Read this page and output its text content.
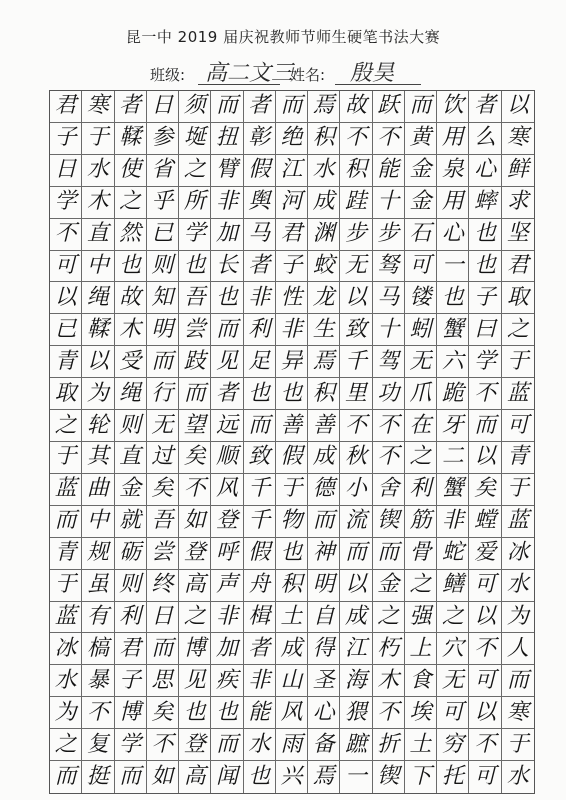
昆一中 2019 届庆祝教师节师生硬笔书法大赛
班级: 高二文三
姓名: 殷昊
君 寒 者 日 须 而 者 而 焉 故 跃 而 饮 者 以
子 于 鞣 参 埏 扭 彰 绝 积 不 不 黄 用 么 寒
日 水 使 省 之 臂 假 江 水 积 能 金 泉 心 鲜
学 木 之 乎 所 非 舆 河 成 跬 十 金 用 蟀 求
不 直 然 已 学 加 马 君 渊 步 步 石 心 也 坚
可 中 也 则 也 长 者 子 蛟 无 驽 可 一 也 君
以 绳 故 知 吾 也 非 性 龙 以 马 镂 也 子 取
已 鞣 木 明 尝 而 利 非 生 致 十 蚓 蟹 曰 之
青 以 受 而 跂 见 足 异 焉 千 驾 无 六 学 于
取 为 绳 行 而 者 也 也 积 里 功 爪 跪 不 蓝
之 轮 则 无 望 远 而 善 善 不 不 在 牙 而 可
于 其 直 过 矣 顺 致 假 成 秋 不 之 二 以 青
蓝 曲 金 矣 不 风 千 于 德 小 舍 利 蟹 矣 于
而 中 就 吾 如 登 千 物 而 流 锲 筋 非 螳 蓝
青 规 砺 尝 登 呼 假 也 神 而 而 骨 蛇 爱 冰
于 虽 则 终 高 声 舟 积 明 以 金 之 鳝 可 水
蓝 有 利 日 之 非 楫 土 自 成 之 强 之 以 为
冰 槁 君 而 博 加 者 成 得 江 朽 上 穴 不 人
水 暴 子 思 见 疾 非 山 圣 海 木 食 无 可 而
为 不 博 矣 也 也 能 风 心 猥 不 埃 可 以 寒
之 复 学 不 登 而 水 雨 备 蹠 折 土 穷 不 于
而 挺 而 如 高 闻 也 兴 焉 一 锲 下 托 可 水
